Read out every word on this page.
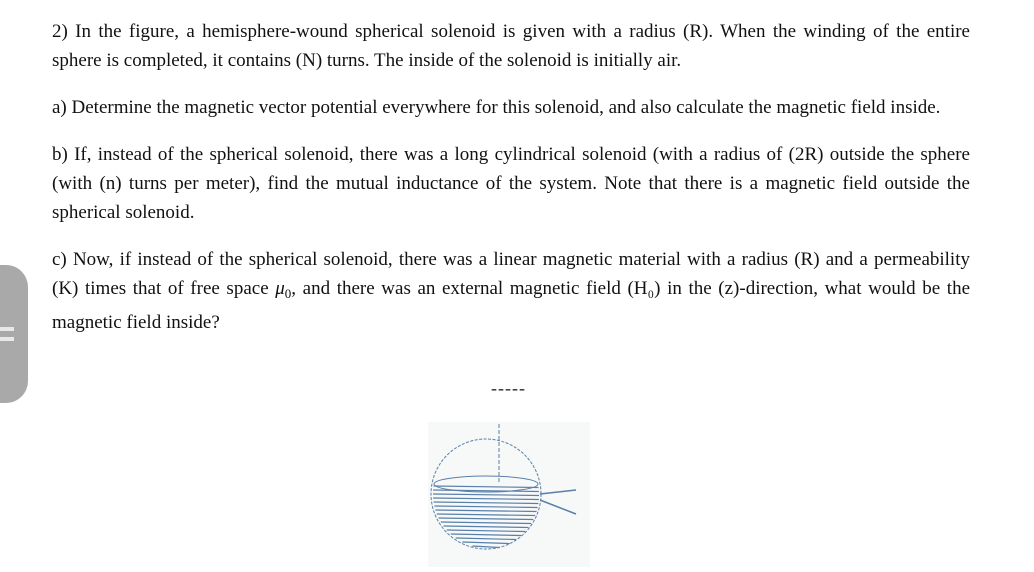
2) In the figure, a hemisphere-wound spherical solenoid is given with a radius (R). When the winding of the entire sphere is completed, it contains (N) turns. The inside of the solenoid is initially air.

a) Determine the magnetic vector potential everywhere for this solenoid, and also calculate the magnetic field inside.

b) If, instead of the spherical solenoid, there was a long cylindrical solenoid (with a radius of (2R) outside the sphere (with (n) turns per meter), find the mutual inductance of the system. Note that there is a magnetic field outside the spherical solenoid.

c) Now, if instead of the spherical solenoid, there was a linear magnetic material with a radius (R) and a permeability (K) times that of free space $\mu_0$, and there was an external magnetic field (H₀) in the (z)-direction, what would be the magnetic field inside?

-----
